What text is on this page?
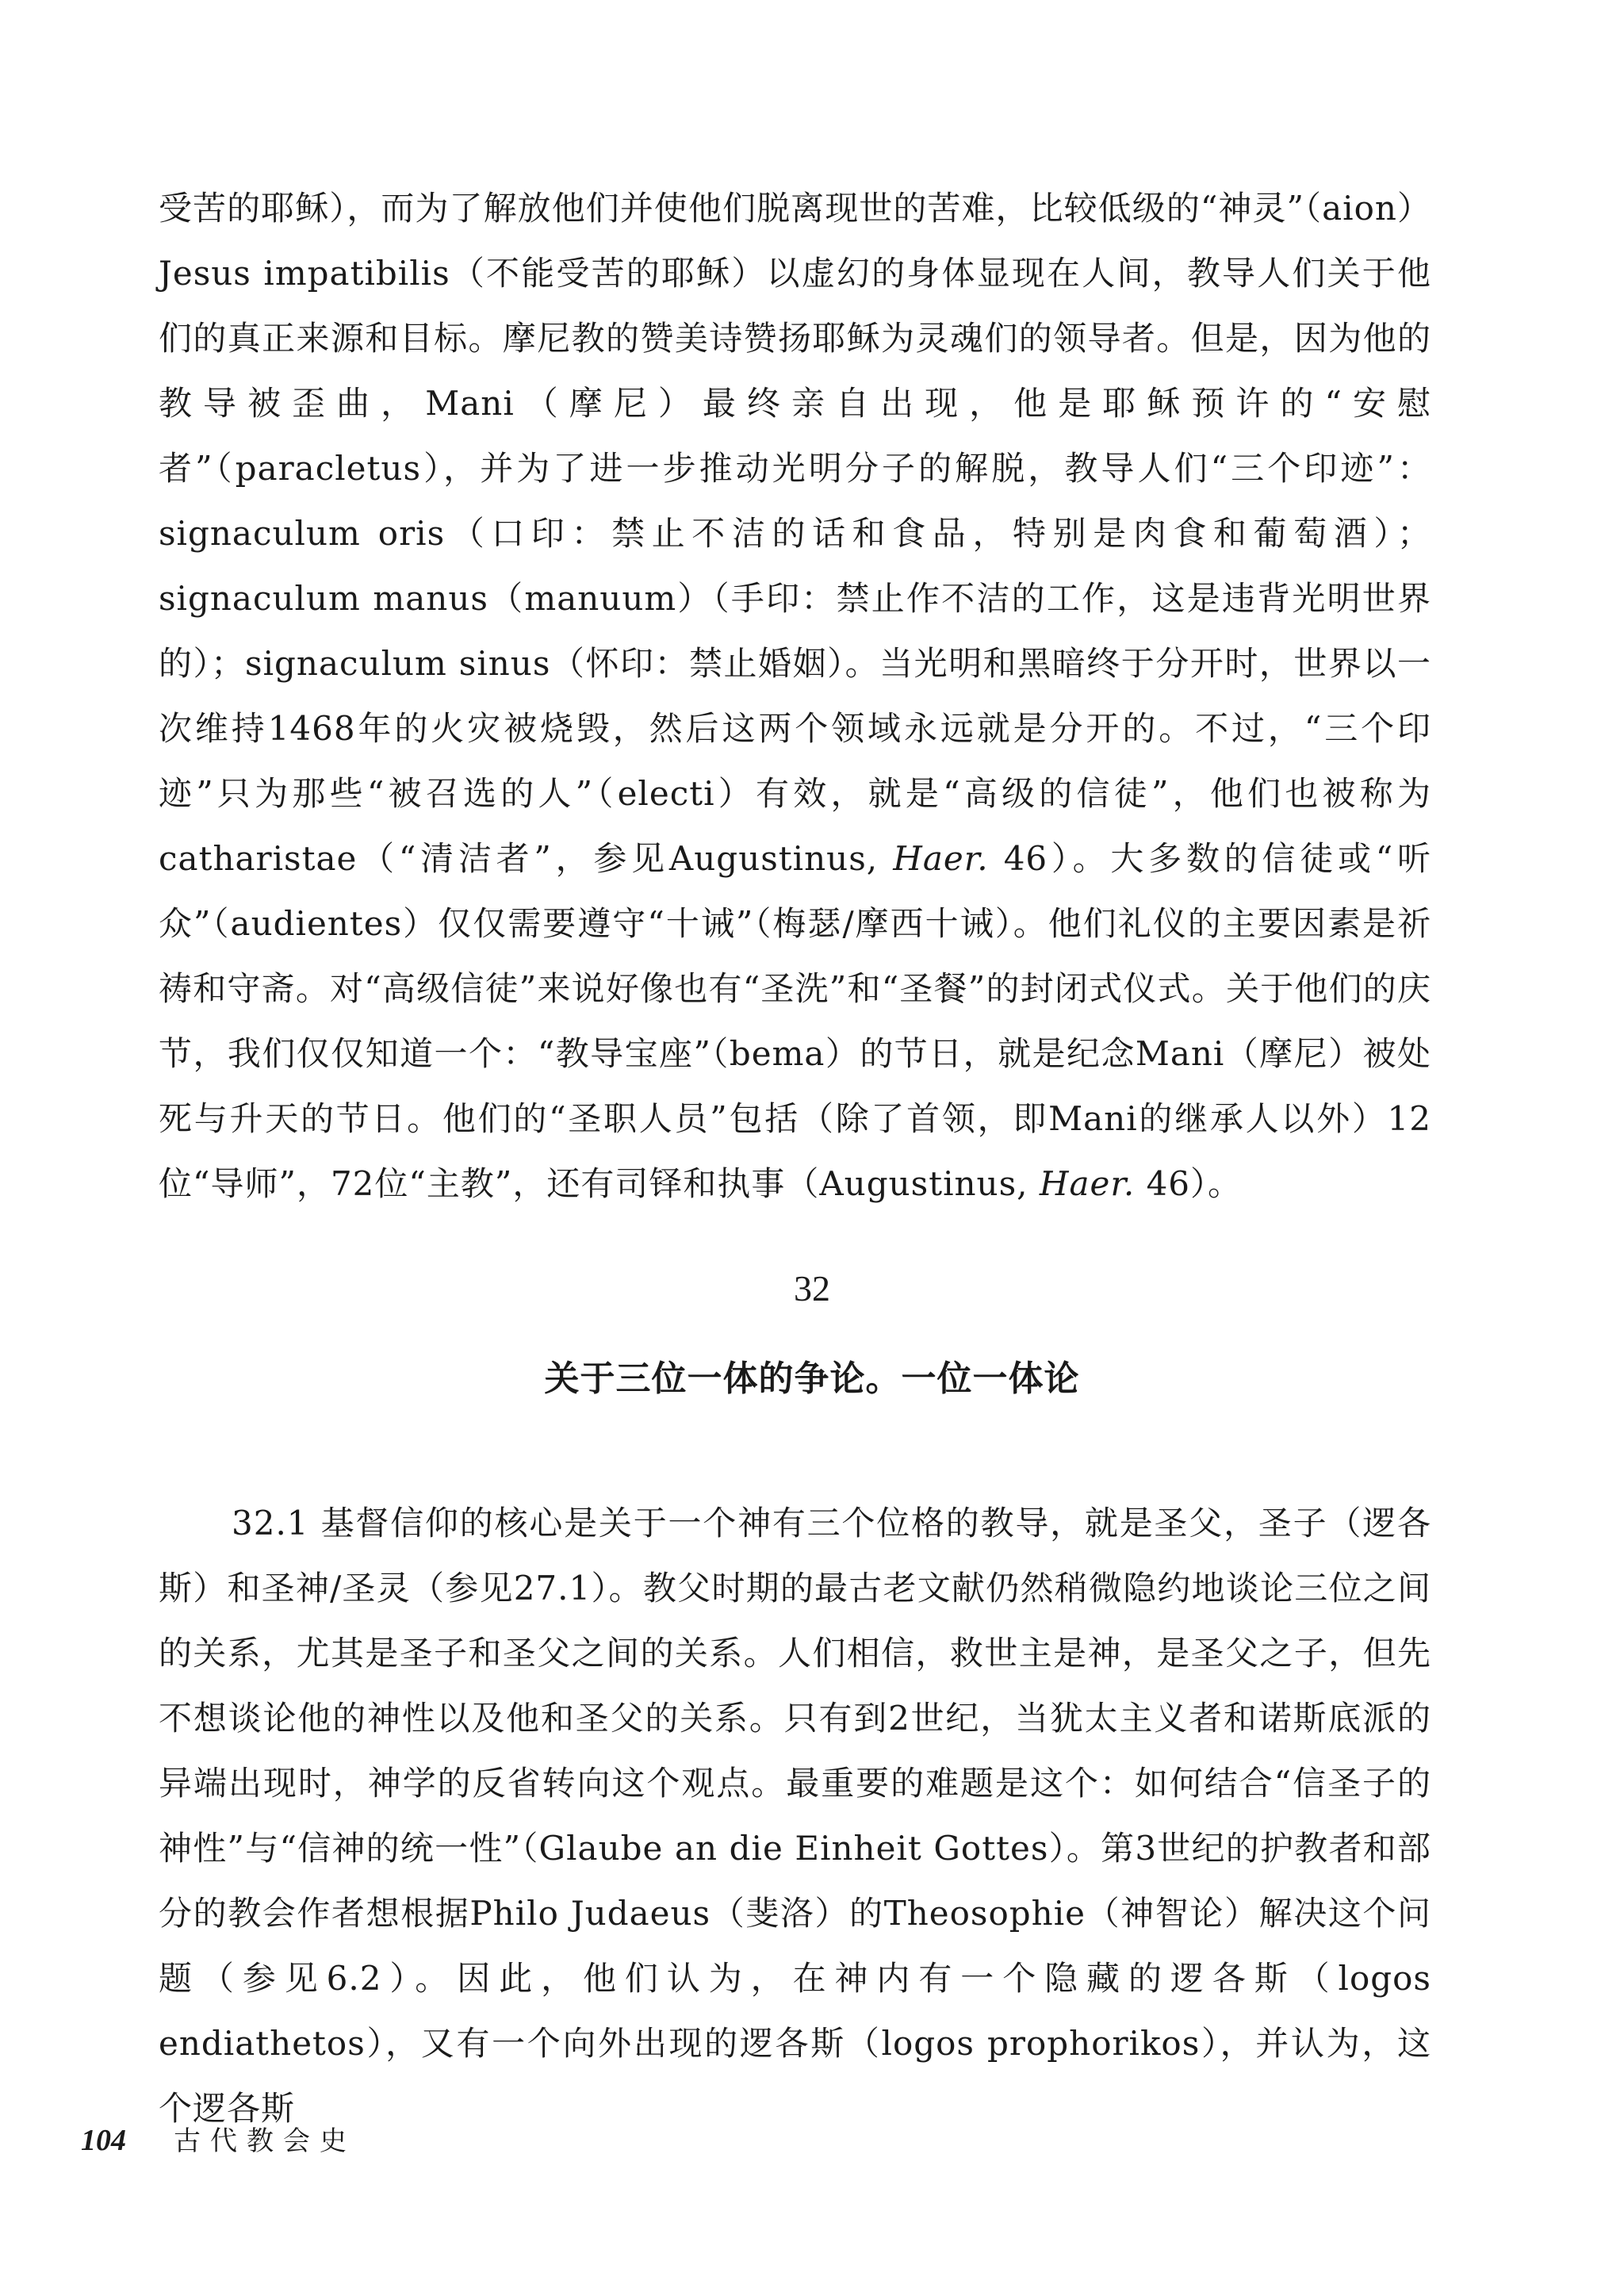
受苦的耶稣），而为了解放他们并使他们脱离现世的苦难，比较低级的“神灵”（aion）Jesus impatibilis（不能受苦的耶稣）以虚幻的身体显现在人间，教导人们关于他们的真正来源和目标。摩尼教的赞美诗赞扬耶稣为灵魂们的领导者。但是，因为他的教导被歪曲，Mani（摩尼）最终亲自出现，他是耶稣预许的“安慰者”（paracletus），并为了进一步推动光明分子的解脱，教导人们“三个印迹”：signaculum oris（口印：禁止不洁的话和食品，特别是肉食和葡萄酒）；signaculum manus（manuum）（手印：禁止作不洁的工作，这是违背光明世界的）；signaculum sinus（怀印：禁止婚姻）。当光明和黑暗终于分开时，世界以一次维持1468年的火灾被烧毁，然后这两个领域永远就是分开的。不过，“三个印迹”只为那些“被召选的人”（electi）有效，就是“高级的信徒”，他们也被称为catharistae（“清洁者”，参见Augustinus, Haer. 46）。大多数的信徒或“听众”（audientes）仅仅需要遵守“十诫”（梅瑟/摩西十诫）。他们礼仪的主要因素是祈祷和守斋。对“高级信徒”来说好像也有“圣洗”和“圣餐”的封闭式仪式。关于他们的庆节，我们仅仅知道一个：“教导宝座”（bema）的节日，就是纪念Mani（摩尼）被处死与升天的节日。他们的“圣职人员”包括（除了首领，即Mani的继承人以外）12位“导师”，72位“主教”，还有司铎和执事（Augustinus, Haer. 46）。

32
关于三位一体的争论。一位一体论

32.1 基督信仰的核心是关于一个神有三个位格的教导，就是圣父，圣子（逻各斯）和圣神/圣灵（参见27.1）。教父时期的最古老文献仍然稍微隐约地谈论三位之间的关系，尤其是圣子和圣父之间的关系。人们相信，救世主是神，是圣父之子，但先不想谈论他的神性以及他和圣父的关系。只有到2世纪，当犹太主义者和诺斯底派的异端出现时，神学的反省转向这个观点。最重要的难题是这个：如何结合“信圣子的神性”与“信神的统一性”（Glaube an die Einheit Gottes）。第3世纪的护教者和部分的教会作者想根据Philo Judaeus（斐洛）的Theosophie（神智论）解决这个问题（参见6.2）。因此，他们认为，在神内有一个隐藏的逻各斯（logos endiathetos），又有一个向外出现的逻各斯（logos prophorikos），并认为，这个逻各斯

104 古代教会史
